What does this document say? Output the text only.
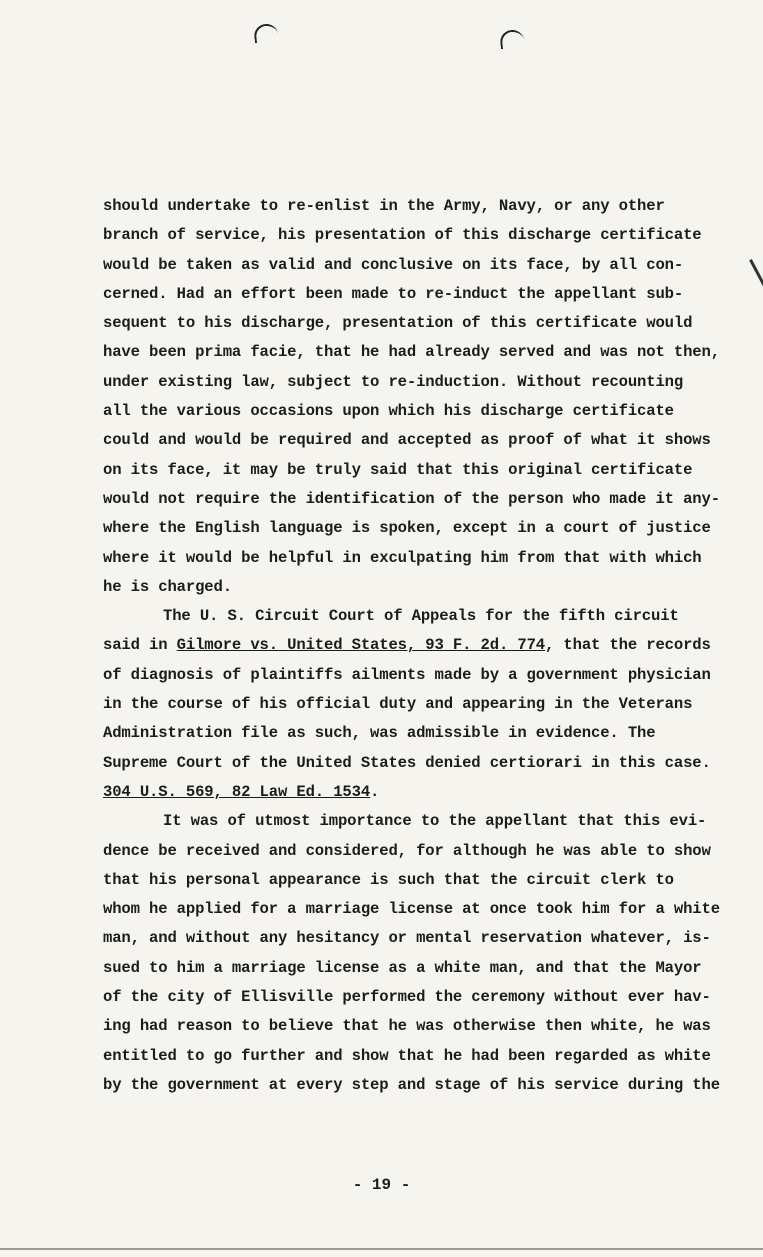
should undertake to re-enlist in the Army, Navy, or any other
branch of service, his presentation of this discharge certificate
would be taken as valid and conclusive on its face, by all con-
cerned. Had an effort been made to re-induct the appellant sub-
sequent to his discharge, presentation of this certificate would
have been prima facie, that he had already served and was not then,
under existing law, subject to re-induction. Without recounting
all the various occasions upon which his discharge certificate
could and would be required and accepted as proof of what it shows
on its face, it may be truly said that this original certificate
would not require the identification of the person who made it any-
where the English language is spoken, except in a court of justice
where it would be helpful in exculpating him from that with which
he is charged.
The U. S. Circuit Court of Appeals for the fifth circuit
said in Gilmore vs. United States, 93 F. 2d. 774, that the records
of diagnosis of plaintiffs ailments made by a government physician
in the course of his official duty and appearing in the Veterans
Administration file as such, was admissible in evidence. The
Supreme Court of the United States denied certiorari in this case.
304 U.S. 569, 82 Law Ed. 1534.
It was of utmost importance to the appellant that this evi-
dence be received and considered, for although he was able to show
that his personal appearance is such that the circuit clerk to
whom he applied for a marriage license at once took him for a white
man, and without any hesitancy or mental reservation whatever, is-
sued to him a marriage license as a white man, and that the Mayor
of the city of Ellisville performed the ceremony without ever hav-
ing had reason to believe that he was otherwise then white, he was
entitled to go further and show that he had been regarded as white
by the government at every step and stage of his service during the
- 19 -
